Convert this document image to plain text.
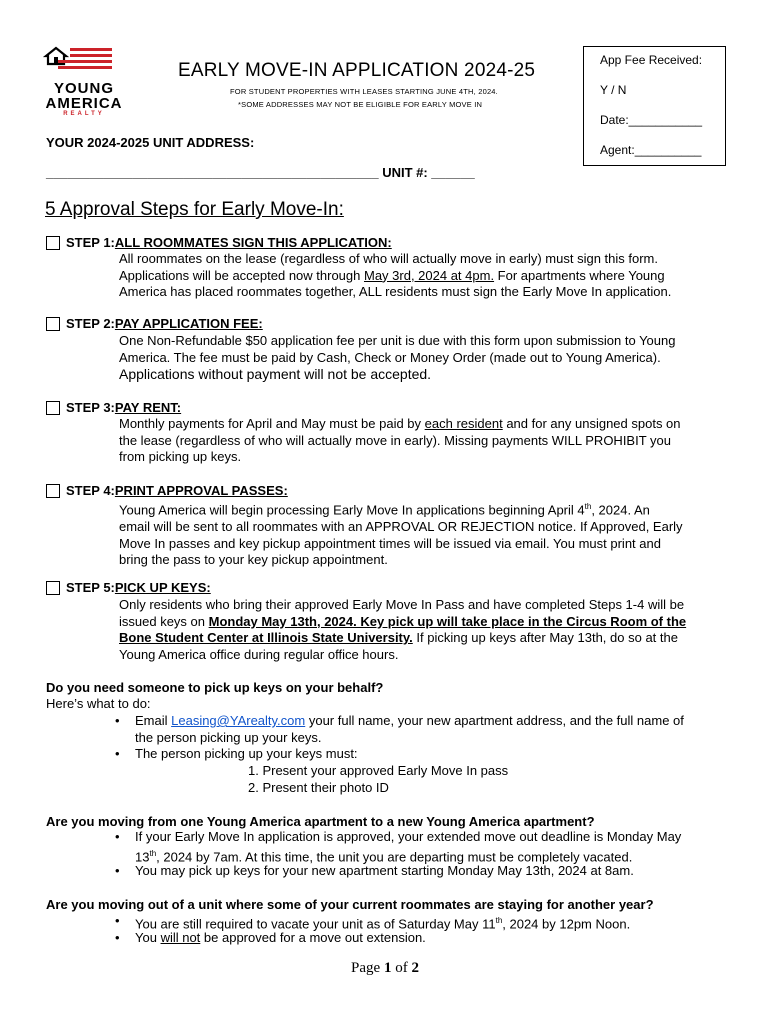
YOUNG
AMERICA
REALTY
EARLY MOVE-IN APPLICATION 2024-25
FOR STUDENT PROPERTIES WITH LEASES STARTING JUNE 4TH, 2024.
*SOME ADDRESSES MAY NOT BE ELIGIBLE FOR EARLY MOVE IN
App Fee Received:
Y / N
Date:___________
Agent:__________
YOUR 2024-2025 UNIT ADDRESS:
______________________________________________ UNIT #: ______
5 Approval Steps for Early Move-In:
STEP 1: ALL ROOMMATES SIGN THIS APPLICATION:
All roommates on the lease (regardless of who will actually move in early) must sign this form.
Applications will be accepted now through May 3rd, 2024 at 4pm. For apartments where Young
America has placed roommates together, ALL residents must sign the Early Move In application.
STEP 2: PAY APPLICATION FEE:
One Non-Refundable $50 application fee per unit is due with this form upon submission to Young
America. The fee must be paid by Cash, Check or Money Order (made out to Young America).
Applications without payment will not be accepted.
STEP 3: PAY RENT:
Monthly payments for April and May must be paid by each resident and for any unsigned spots on
the lease (regardless of who will actually move in early). Missing payments WILL PROHIBIT you
from picking up keys.
STEP 4: PRINT APPROVAL PASSES:
Young America will begin processing Early Move In applications beginning April 4th, 2024. An
email will be sent to all roommates with an APPROVAL OR REJECTION notice. If Approved, Early
Move In passes and key pickup appointment times will be issued via email. You must print and
bring the pass to your key pickup appointment.
STEP 5: PICK UP KEYS:
Only residents who bring their approved Early Move In Pass and have completed Steps 1-4 will be
issued keys on Monday May 13th, 2024. Key pick up will take place in the Circus Room of the
Bone Student Center at Illinois State University. If picking up keys after May 13th, do so at the
Young America office during regular office hours.
Do you need someone to pick up keys on your behalf?
Here’s what to do:
• Email Leasing@YArealty.com your full name, your new apartment address, and the full name of
the person picking up your keys.
• The person picking up your keys must:
1. Present your approved Early Move In pass
2. Present their photo ID
Are you moving from one Young America apartment to a new Young America apartment?
• If your Early Move In application is approved, your extended move out deadline is Monday May
13th, 2024 by 7am. At this time, the unit you are departing must be completely vacated.
• You may pick up keys for your new apartment starting Monday May 13th, 2024 at 8am.
Are you moving out of a unit where some of your current roommates are staying for another year?
• You are still required to vacate your unit as of Saturday May 11th, 2024 by 12pm Noon.
• You will not be approved for a move out extension.
Page 1 of 2
